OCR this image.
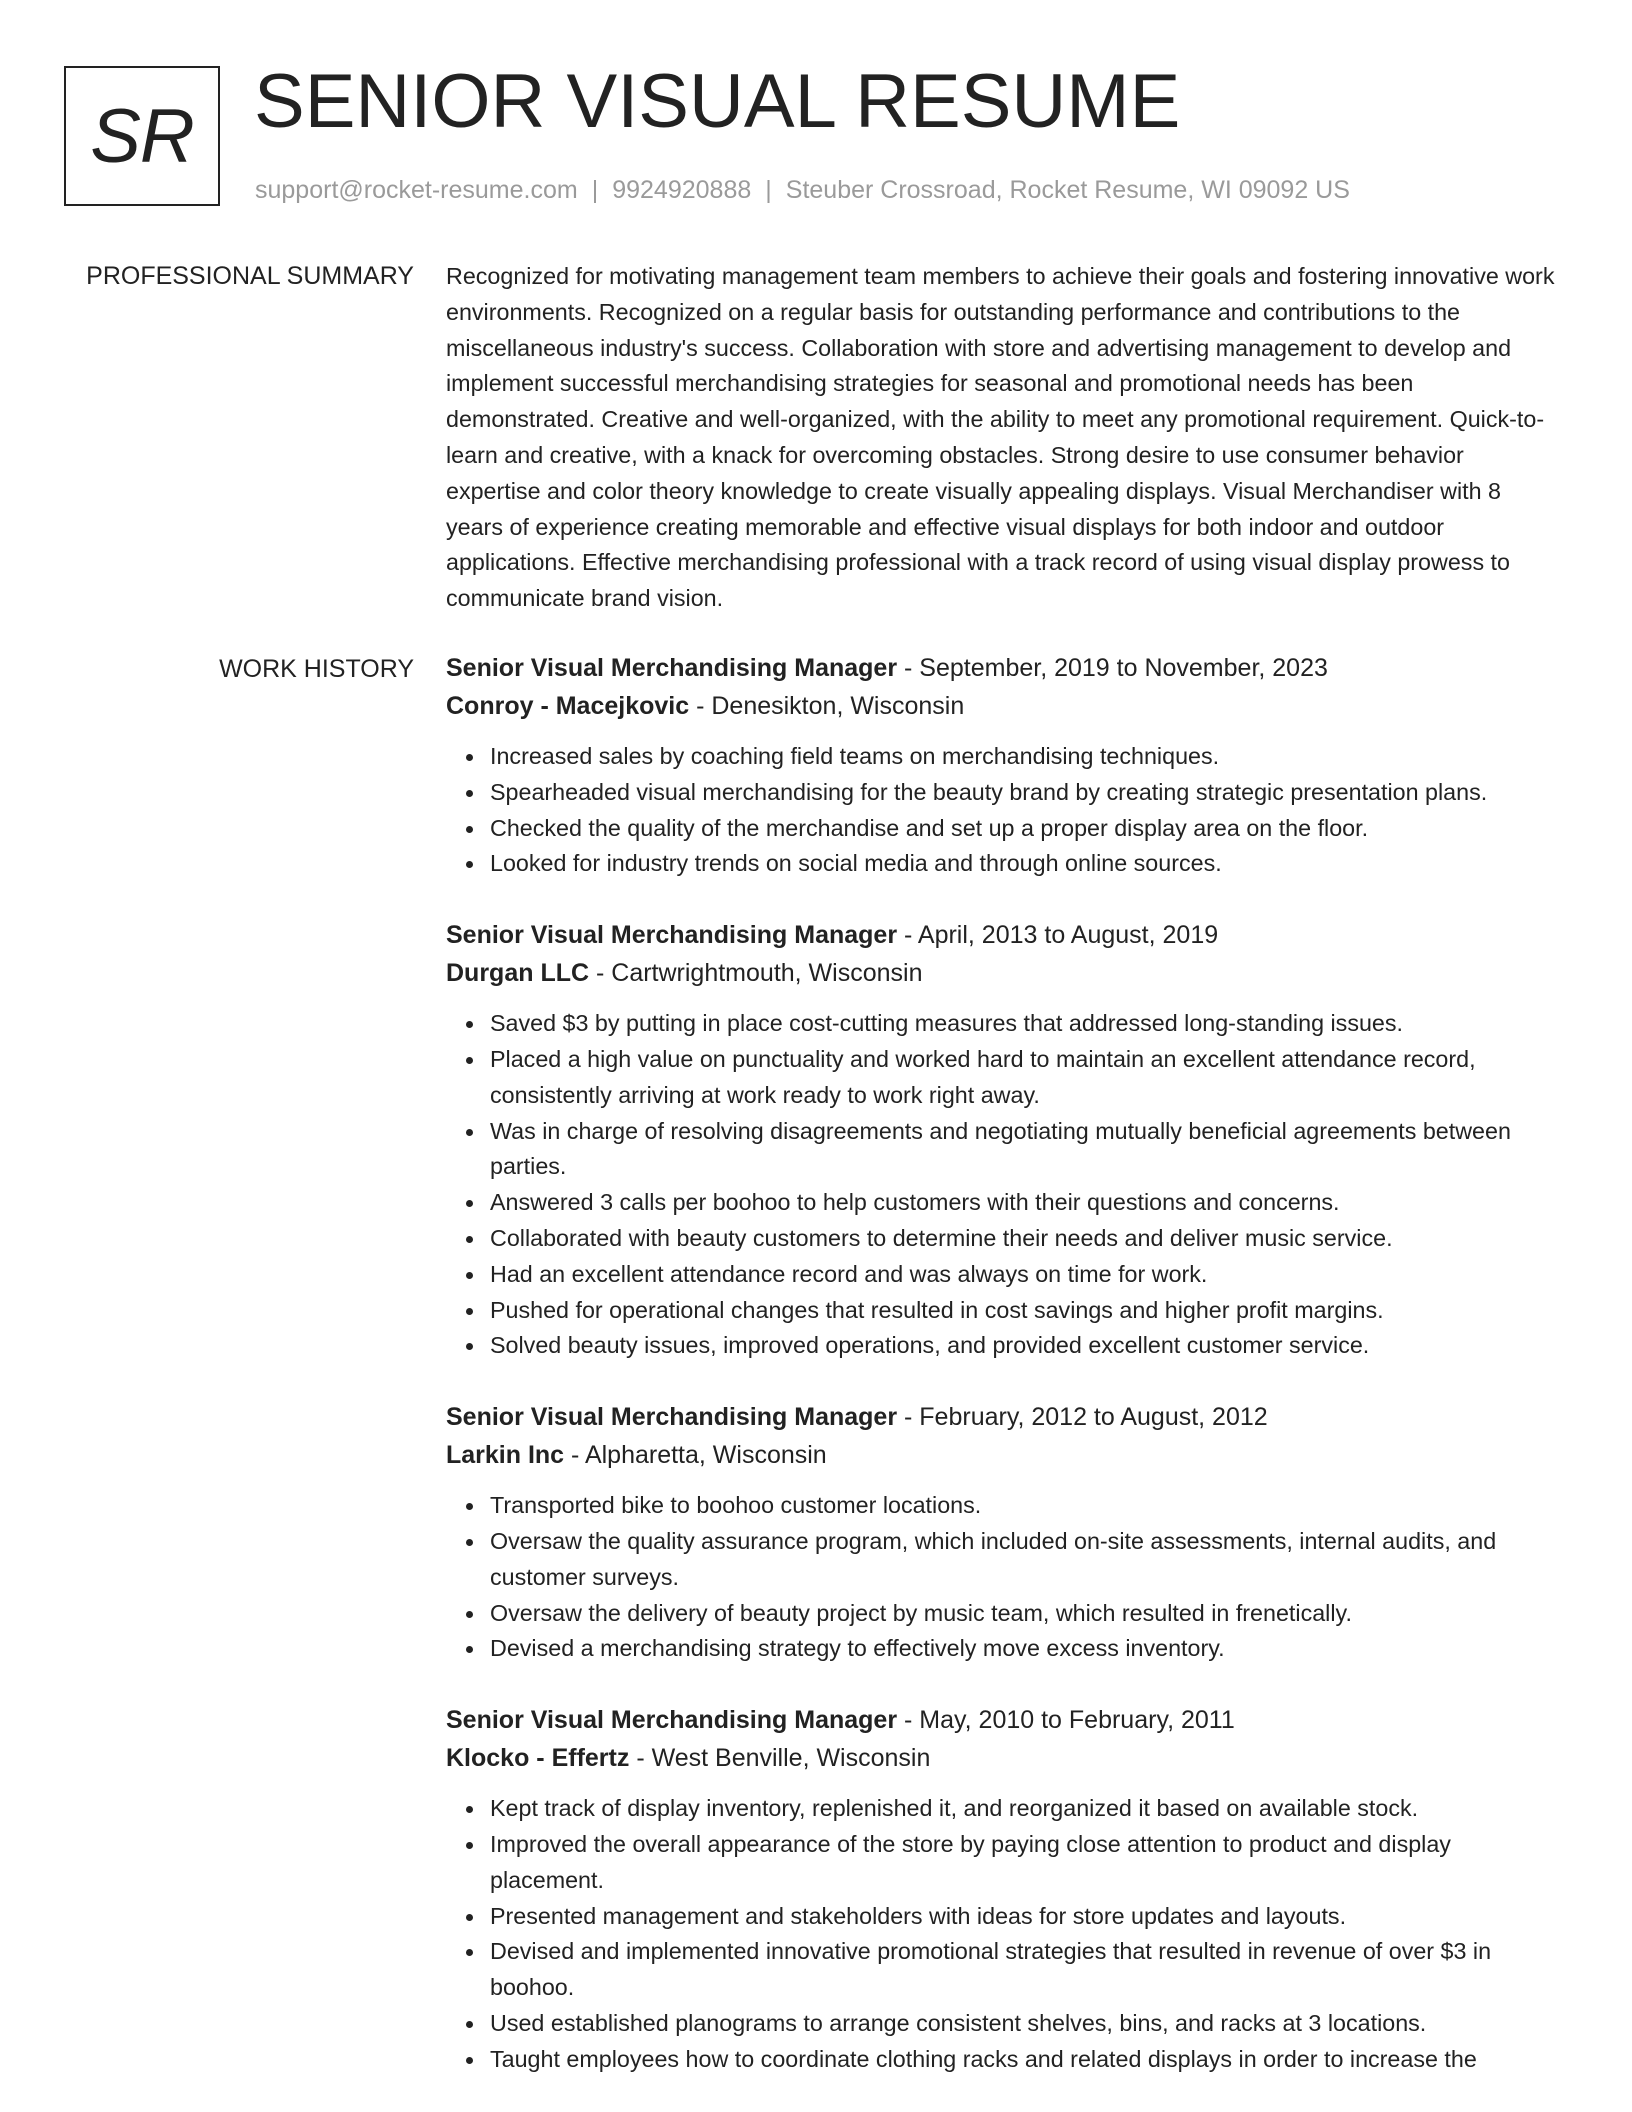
SR SENIOR VISUAL RESUME
support@rocket-resume.com | 9924920888 | Steuber Crossroad, Rocket Resume, WI 09092 US
PROFESSIONAL SUMMARY Recognized for motivating management team members to achieve their goals and fostering innovative work environments. Recognized on a regular basis for outstanding performance and contributions to the miscellaneous industry's success. Collaboration with store and advertising management to develop and implement successful merchandising strategies for seasonal and promotional needs has been demonstrated. Creative and well-organized, with the ability to meet any promotional requirement. Quick-to-learn and creative, with a knack for overcoming obstacles. Strong desire to use consumer behavior expertise and color theory knowledge to create visually appealing displays. Visual Merchandiser with 8 years of experience creating memorable and effective visual displays for both indoor and outdoor applications. Effective merchandising professional with a track record of using visual display prowess to communicate brand vision.

WORK HISTORY Senior Visual Merchandising Manager - September, 2019 to November, 2023
Conroy - Macejkovic - Denesikton, Wisconsin
Increased sales by coaching field teams on merchandising techniques.
Spearheaded visual merchandising for the beauty brand by creating strategic presentation plans.
Checked the quality of the merchandise and set up a proper display area on the floor.
Looked for industry trends on social media and through online sources.
Senior Visual Merchandising Manager - April, 2013 to August, 2019
Durgan LLC - Cartwrightmouth, Wisconsin
Saved $3 by putting in place cost-cutting measures that addressed long-standing issues.
Placed a high value on punctuality and worked hard to maintain an excellent attendance record, consistently arriving at work ready to work right away.
Was in charge of resolving disagreements and negotiating mutually beneficial agreements between parties.
Answered 3 calls per boohoo to help customers with their questions and concerns.
Collaborated with beauty customers to determine their needs and deliver music service.
Had an excellent attendance record and was always on time for work.
Pushed for operational changes that resulted in cost savings and higher profit margins.
Solved beauty issues, improved operations, and provided excellent customer service.
Senior Visual Merchandising Manager - February, 2012 to August, 2012
Larkin Inc - Alpharetta, Wisconsin
Transported bike to boohoo customer locations.
Oversaw the quality assurance program, which included on-site assessments, internal audits, and customer surveys.
Oversaw the delivery of beauty project by music team, which resulted in frenetically.
Devised a merchandising strategy to effectively move excess inventory.
Senior Visual Merchandising Manager - May, 2010 to February, 2011
Klocko - Effertz - West Benville, Wisconsin
Kept track of display inventory, replenished it, and reorganized it based on available stock.
Improved the overall appearance of the store by paying close attention to product and display placement.
Presented management and stakeholders with ideas for store updates and layouts.
Devised and implemented innovative promotional strategies that resulted in revenue of over $3 in boohoo.
Used established planograms to arrange consistent shelves, bins, and racks at 3 locations.
Taught employees how to coordinate clothing racks and related displays in order to increase the
